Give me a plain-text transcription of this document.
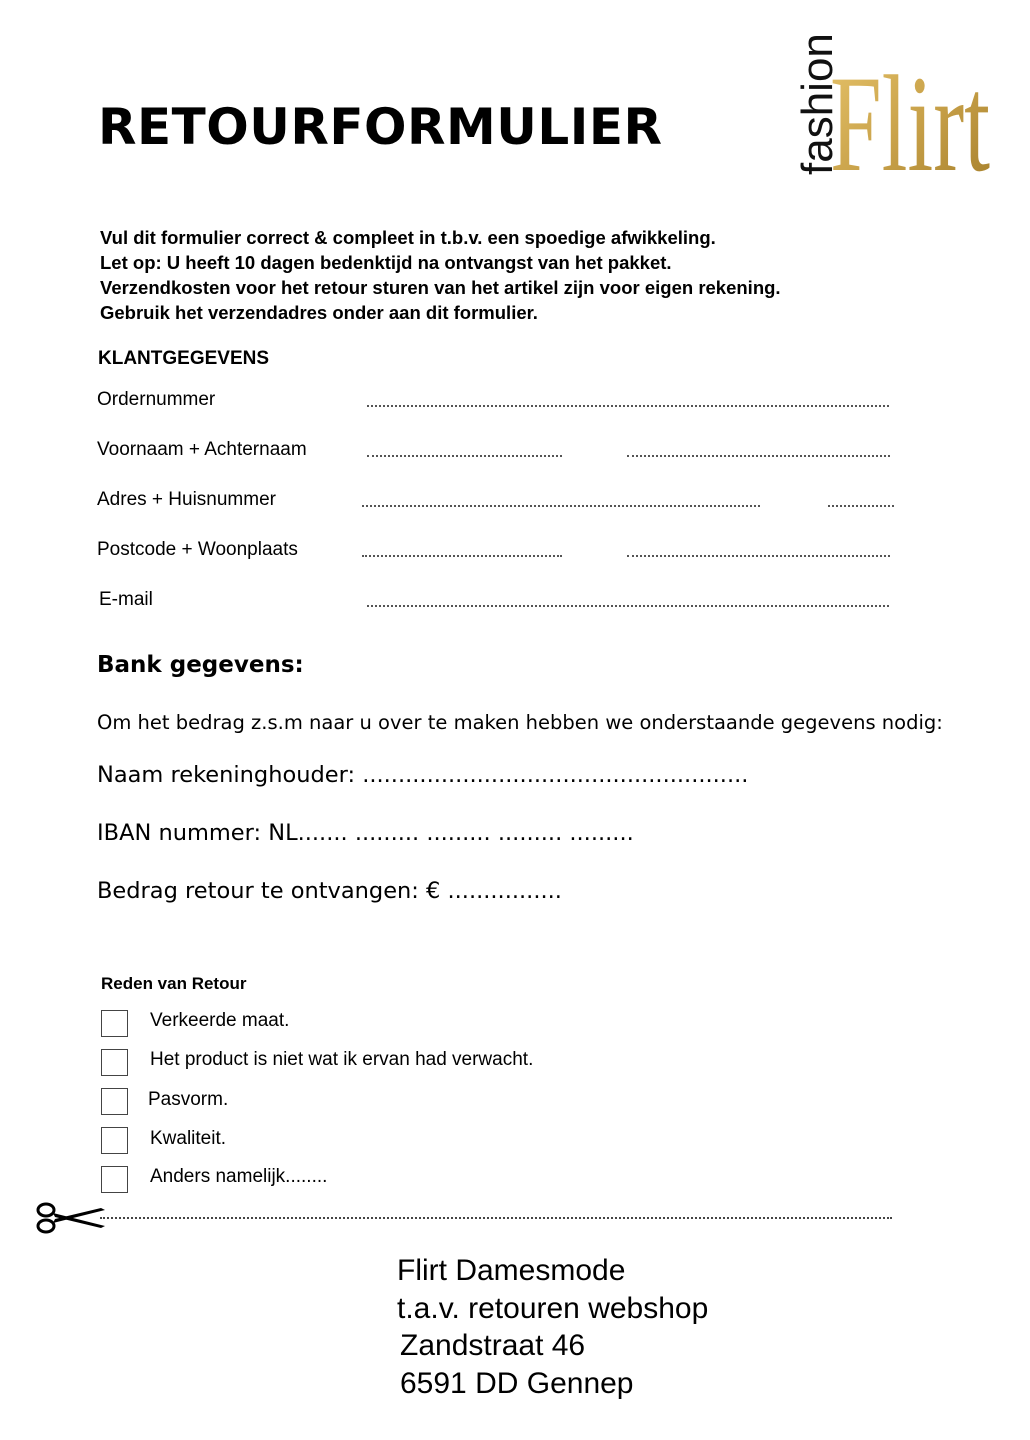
RETOURFORMULIER	fashion
Flirt
Vul dit formulier correct & compleet in t.b.v. een spoedige afwikkeling.
Let op: U heeft 10 dagen bedenktijd na ontvangst van het pakket.
Verzendkosten voor het retour sturen van het artikel zijn voor eigen rekening.
Gebruik het verzendadres onder aan dit formulier.
KLANTGEGEVENS
Ordernummer
Voornaam + Achternaam
Adres + Huisnummer
Postcode + Woonplaats
E-mail
Bank gegevens:
Om het bedrag z.s.m naar u over te maken hebben we onderstaande gegevens nodig:
Naam rekeninghouder: ......................................................
IBAN nummer: NL....... ......... ......... ......... .........
Bedrag retour te ontvangen: € ................
Reden van Retour
Verkeerde maat.
Het product is niet wat ik ervan had verwacht.
Pasvorm.
Kwaliteit.
Anders namelijk........
Flirt Damesmode
t.a.v. retouren webshop
Zandstraat 46
6591 DD Gennep
